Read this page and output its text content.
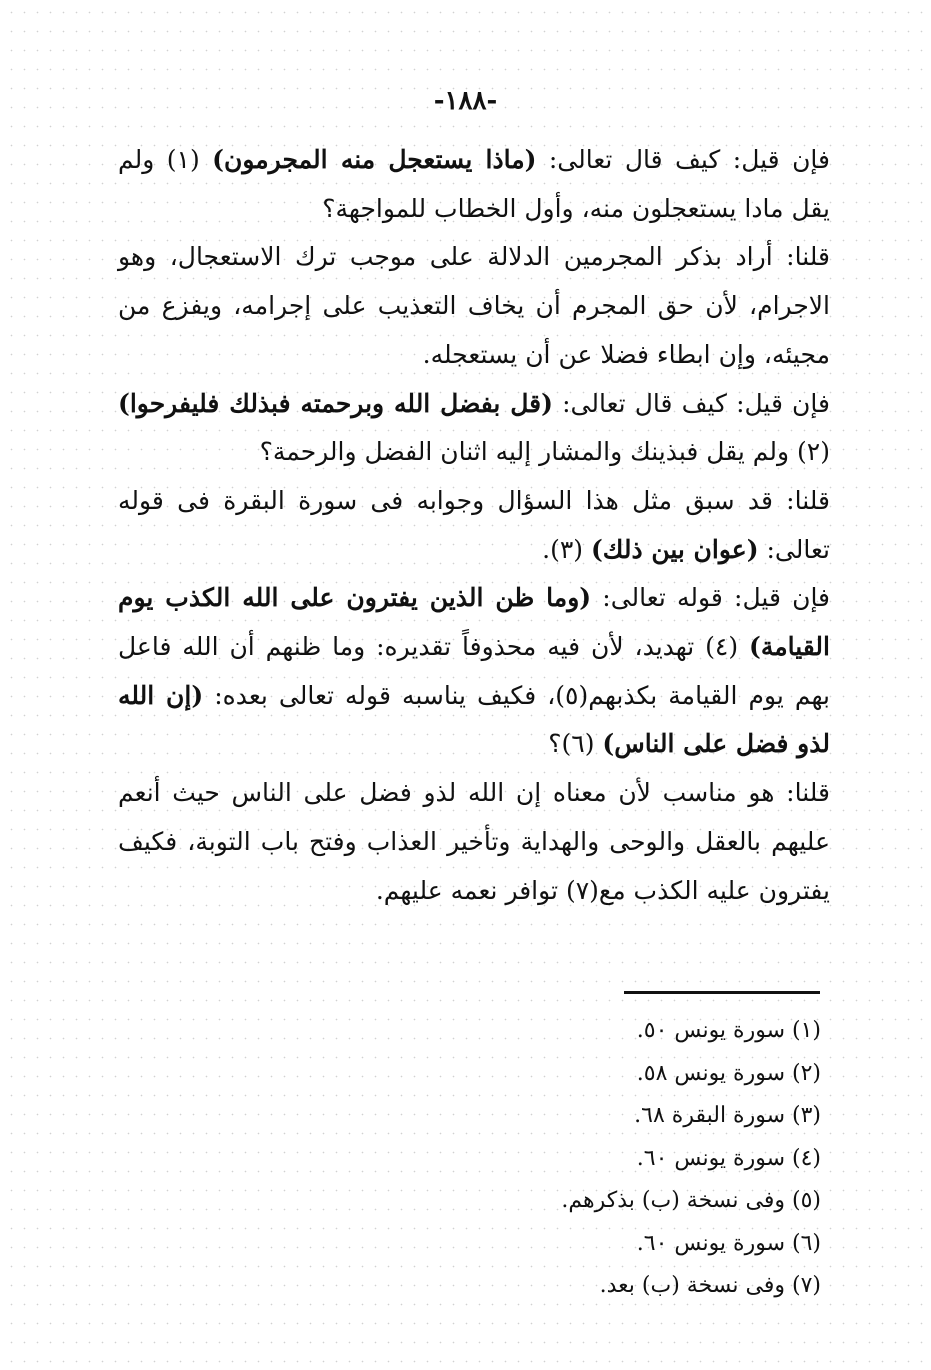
-١٨٨-

فإن قيل: كيف قال تعالى: (ماذا يستعجل منه المجرمون) (١) ولم يقل مادا يستعجلون منه، وأول الخطاب للمواجهة؟

قلنا: أراد بذكر المجرمين الدلالة على موجب ترك الاستعجال، وهو الاجرام، لأن حق المجرم أن يخاف التعذيب على إجرامه، ويفزع من مجيئه، وإن ابطاء فضلا عن أن يستعجله.

فإن قيل: كيف قال تعالى: (قل بفضل الله وبرحمته فبذلك فليفرحوا) (٢) ولم يقل فبذينك والمشار إليه اثنان الفضل والرحمة؟

قلنا: قد سبق مثل هذا السؤال وجوابه فى سورة البقرة فى قوله تعالى: (عوان بين ذلك) (٣).

فإن قيل: قوله تعالى: (وما ظن الذين يفترون على الله الكذب يوم القيامة) (٤) تهديد، لأن فيه محذوفاً تقديره: وما ظنهم أن الله فاعل بهم يوم القيامة بكذبهم(٥)، فكيف يناسبه قوله تعالى بعده: (إن الله لذو فضل على الناس) (٦)؟

قلنا: هو مناسب لأن معناه إن الله لذو فضل على الناس حيث أنعم عليهم بالعقل والوحى والهداية وتأخير العذاب وفتح باب التوبة، فكيف يفترون عليه الكذب مع(٧) توافر نعمه عليهم.

(١) سورة يونس ٥٠.
(٢) سورة يونس ٥٨.
(٣) سورة البقرة ٦٨.
(٤) سورة يونس ٦٠.
(٥) وفى نسخة (ب) بذكرهم.
(٦) سورة يونس ٦٠.
(٧) وفى نسخة (ب) بعد.
